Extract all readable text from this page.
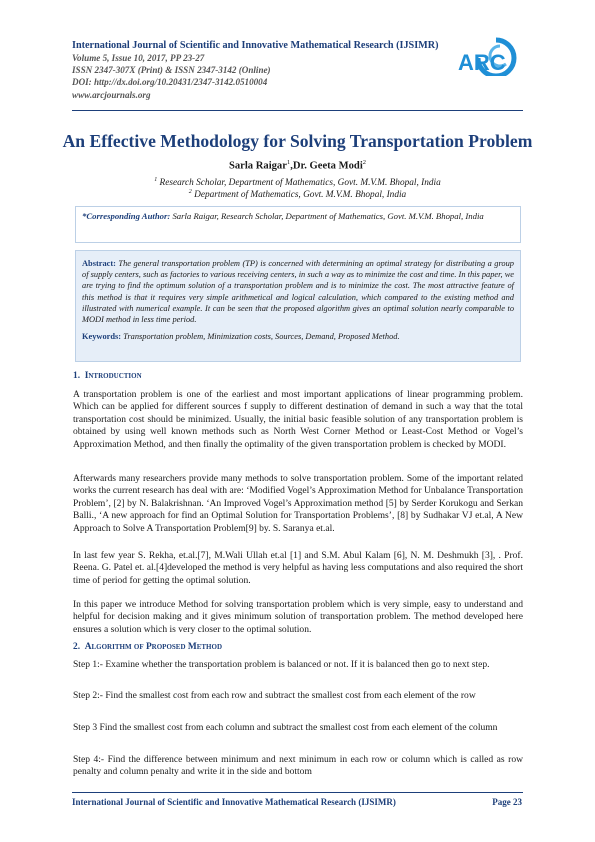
International Journal of Scientific and Innovative Mathematical Research (IJSIMR)
Volume 5, Issue 10, 2017, PP 23-27
ISSN 2347-307X (Print) & ISSN 2347-3142 (Online)
DOI: http://dx.doi.org/10.20431/2347-3142.0510004
www.arcjournals.org
ARC
An Effective Methodology for Solving Transportation Problem
Sarla Raigar$^1$,Dr. Geeta Modi$^2$
$^1$ Research Scholar, Department of Mathematics, Govt. M.V.M. Bhopal, India
$^2$ Department of Mathematics, Govt. M.V.M. Bhopal, India
*Corresponding Author: Sarla Raigar, Research Scholar, Department of Mathematics, Govt. M.V.M. Bhopal, India
Abstract: The general transportation problem (TP) is concerned with determining an optimal strategy for distributing a group of supply centers, such as factories to various receiving centers, in such a way as to minimize the cost and time. In this paper, we are trying to find the optimum solution of a transportation problem and is to minimize the cost. The most attractive feature of this method is that it requires very simple arithmetical and logical calculation, which compared to the existing method and illustrated with numerical example. It can be seen that the proposed algorithm gives an optimal solution nearly comparable to MODI method in less time period.
Keywords: Transportation problem, Minimization costs, Sources, Demand, Proposed Method.
1. Introduction

A transportation problem is one of the earliest and most important applications of linear programming problem. Which can be applied for different sources f supply to different destination of demand in such a way that the total transportation cost should be minimized. Usually, the initial basic feasible solution of any transportation problem is obtained by using well known methods such as North West Corner Method or Least-Cost Method or Vogel’s Approximation Method, and then finally the optimality of the given transportation problem is checked by MODI.

Afterwards many researchers provide many methods to solve transportation problem. Some of the important related works the current research has deal with are: ‘Modified Vogel’s Approximation Method for Unbalance Transportation Problem’, [2] by N. Balakrishnan. ‘An Improved Vogel’s Approximation method [5] by Serder Korukogu and Serkan Balli., ‘A new approach for find an Optimal Solution for Transportation Problems’, [8] by Sudhakar VJ et.al, A New Approach to Solve A Transportation Problem[9] by. S. Saranya et.al.

In last few year S. Rekha, et.al.[7], M.Wali Ullah et.al [1] and S.M. Abul Kalam [6], N. M. Deshmukh [3], . Prof. Reena. G. Patel et. al.[4]developed the method is very helpful as having less computations and also required the short time of period for getting the optimal solution.

In this paper we introduce Method for solving transportation problem which is very simple, easy to understand and helpful for decision making and it gives minimum solution of transportation problem. The method developed here ensures a solution which is very closer to the optimal solution.

2. Algorithm of Proposed Method

Step 1:- Examine whether the transportation problem is balanced or not. If it is balanced then go to next step.

Step 2:- Find the smallest cost from each row and subtract the smallest cost from each element of the row

Step 3 Find the smallest cost from each column and subtract the smallest cost from each element of the column

Step 4:- Find the difference between minimum and next minimum in each row or column which is called as row penalty and column penalty and write it in the side and bottom

International Journal of Scientific and Innovative Mathematical Research (IJSIMR)	Page 23
